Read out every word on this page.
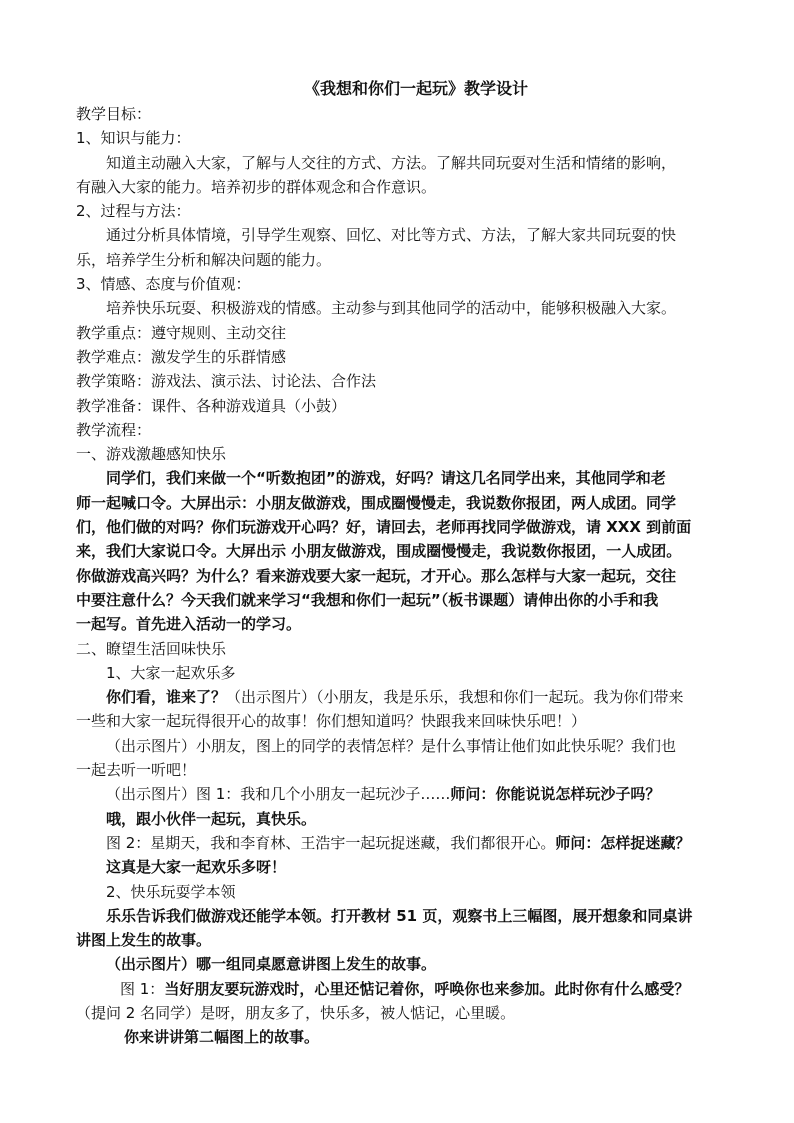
《我想和你们一起玩》教学设计
教学目标：
1、知识与能力：
知道主动融入大家，了解与人交往的方式、方法。了解共同玩耍对生活和情绪的影响，
有融入大家的能力。培养初步的群体观念和合作意识。
2、过程与方法：
通过分析具体情境，引导学生观察、回忆、对比等方式、方法，了解大家共同玩耍的快
乐，培养学生分析和解决问题的能力。
3、情感、态度与价值观：
培养快乐玩耍、积极游戏的情感。主动参与到其他同学的活动中，能够积极融入大家。
教学重点：遵守规则、主动交往
教学难点：激发学生的乐群情感
教学策略：游戏法、演示法、讨论法、合作法
教学准备：课件、各种游戏道具（小鼓）
教学流程：
一、游戏激趣感知快乐
同学们，我们来做一个“听数抱团”的游戏，好吗？请这几名同学出来，其他同学和老
师一起喊口令。大屏出示：小朋友做游戏，围成圈慢慢走，我说数你报团，两人成团。同学
们，他们做的对吗？你们玩游戏开心吗？好，请回去，老师再找同学做游戏，请 XXX 到前面
来，我们大家说口令。大屏出示 小朋友做游戏，围成圈慢慢走，我说数你报团，一人成团。
你做游戏高兴吗？为什么？看来游戏要大家一起玩，才开心。那么怎样与大家一起玩，交往
中要注意什么？今天我们就来学习“我想和你们一起玩”（板书课题）请伸出你的小手和我
一起写。首先进入活动一的学习。
二、瞭望生活回味快乐
1、大家一起欢乐多
你们看，谁来了？（出示图片）（小朋友，我是乐乐，我想和你们一起玩。我为你们带来
一些和大家一起玩得很开心的故事！你们想知道吗？快跟我来回味快乐吧！）
（出示图片）小朋友，图上的同学的表情怎样？是什么事情让他们如此快乐呢？我们也
一起去听一听吧！
（出示图片）图 1：我和几个小朋友一起玩沙子……师问：你能说说怎样玩沙子吗？
哦，跟小伙伴一起玩，真快乐。
图 2：星期天，我和李育林、王浩宇一起玩捉迷藏，我们都很开心。师问：怎样捉迷藏？
这真是大家一起欢乐多呀！
2、快乐玩耍学本领
乐乐告诉我们做游戏还能学本领。打开教材 51 页，观察书上三幅图，展开想象和同桌讲
讲图上发生的故事。
（出示图片）哪一组同桌愿意讲图上发生的故事。
图 1：当好朋友要玩游戏时，心里还惦记着你，呼唤你也来参加。此时你有什么感受？
（提问 2 名同学）是呀，朋友多了，快乐多，被人惦记，心里暖。
你来讲讲第二幅图上的故事。
